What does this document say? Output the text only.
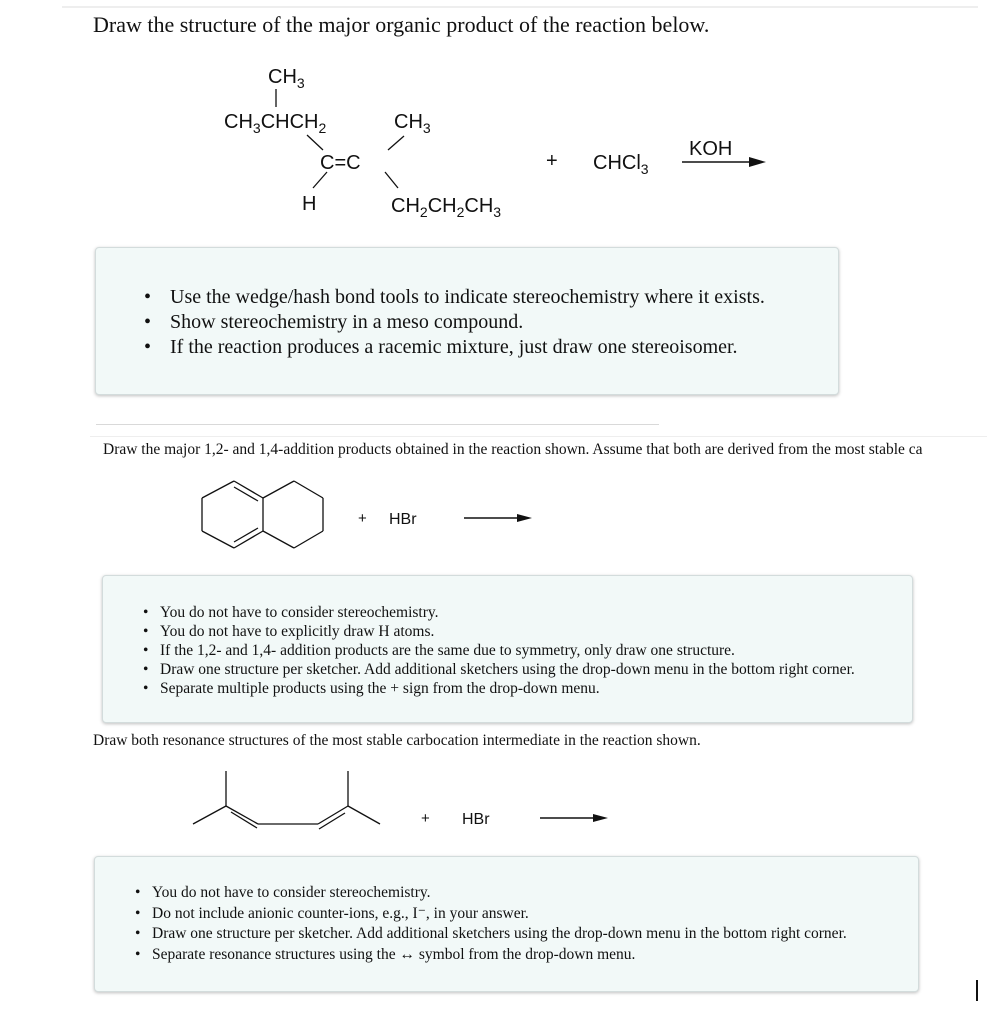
Draw the structure of the major organic product of the reaction below.
$CH_3$
$CH_3CHCH_2$	$CH_3$
C=C
H	$CH_2CH_2CH_3$
+ CHCl$_3$
KOH
• Use the wedge/hash bond tools to indicate stereochemistry where it exists.
• Show stereochemistry in a meso compound.
• If the reaction produces a racemic mixture, just draw one stereoisomer.
Draw the major 1,2- and 1,4-addition products obtained in the reaction shown. Assume that both are derived from the most stable ca
+ HBr
• You do not have to consider stereochemistry.
• You do not have to explicitly draw H atoms.
• If the 1,2- and 1,4- addition products are the same due to symmetry, only draw one structure.
• Draw one structure per sketcher. Add additional sketchers using the drop-down menu in the bottom right corner.
• Separate multiple products using the + sign from the drop-down menu.
Draw both resonance structures of the most stable carbocation intermediate in the reaction shown.
+ HBr
• You do not have to consider stereochemistry.
• Do not include anionic counter-ions, e.g., I⁻, in your answer.
• Draw one structure per sketcher. Add additional sketchers using the drop-down menu in the bottom right corner.
• Separate resonance structures using the ↔ symbol from the drop-down menu.
